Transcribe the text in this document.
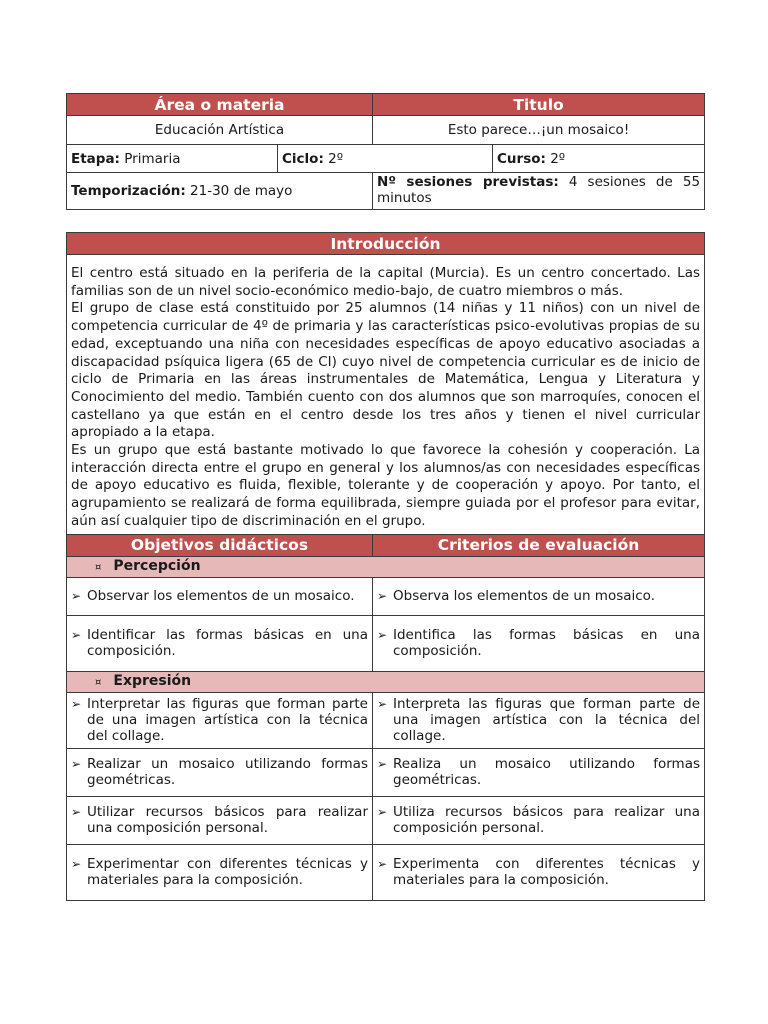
Área o materia		Titulo	
Educación Artística		Esto parece…¡un mosaico!	
Etapa: Primaria	Ciclo: 2º		Curso: 2º
Temporización: 21-30 de mayo		Nº sesiones previstas: 4 sesiones de 55 minutos	
Introducción	

El centro está situado en la periferia de la capital (Murcia). Es un centro concertado. Las familias son de un nivel socio-económico medio-bajo, de cuatro miembros o más.

El grupo de clase está constituido por 25 alumnos (14 niñas y 11 niños) con un nivel de competencia curricular de 4º de primaria y las características psico-evolutivas propias de su edad, exceptuando una niña con necesidades específicas de apoyo educativo asociadas a discapacidad psíquica ligera (65 de CI) cuyo nivel de competencia curricular es de inicio de ciclo de Primaria en las áreas instrumentales de Matemática, Lengua y Literatura y Conocimiento del medio. También cuento con dos alumnos que son marroquíes, conocen el castellano ya que están en el centro desde los tres años y tienen el nivel curricular apropiado a la etapa.

Es un grupo que está bastante motivado lo que favorece la cohesión y cooperación. La interacción directa entre el grupo en general y los alumnos/as con necesidades específicas de apoyo educativo es fluida, flexible, tolerante y de cooperación y apoyo. Por tanto, el agrupamiento se realizará de forma equilibrada, siempre guiada por el profesor para evitar, aún así cualquier tipo de discriminación en el grupo.	

Objetivos didácticos	Criterios de evaluación
¤ Percepción	

➢ Observar los elementos de un mosaico.	➢ Observa los elementos de un mosaico.

➢ Identificar las formas básicas en una composición.	➢ Identifica las formas básicas en una composición.

¤ Expresión	

➢ Interpretar las figuras que forman parte de una imagen artística con la técnica del collage.	➢ Interpreta las figuras que forman parte de una imagen artística con la técnica del collage.

➢ Realizar un mosaico utilizando formas geométricas.	➢ Realiza un mosaico utilizando formas geométricas.

➢ Utilizar recursos básicos para realizar una composición personal.	➢ Utiliza recursos básicos para realizar una composición personal.

➢ Experimentar con diferentes técnicas y materiales para la composición.	➢ Experimenta con diferentes técnicas y materiales para la composición.
